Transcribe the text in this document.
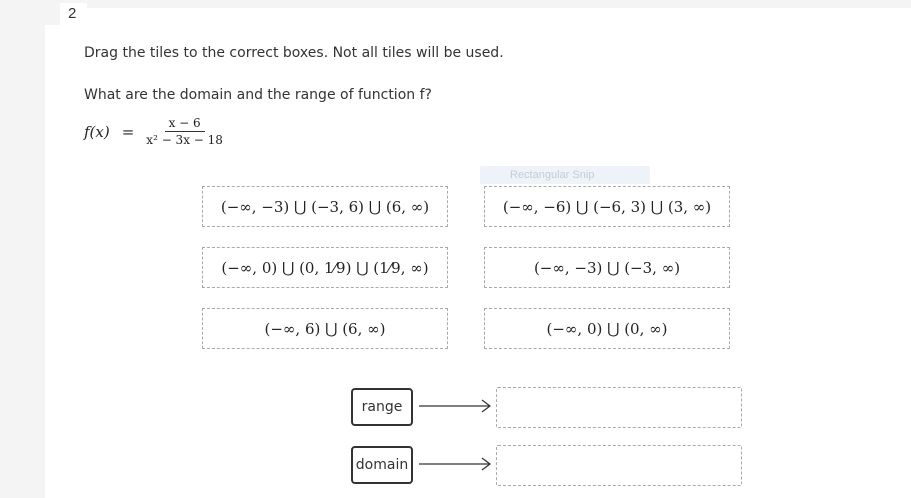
2
Drag the tiles to the correct boxes. Not all tiles will be used.
What are the domain and the range of function f?
$f(x) = \frac{x - 6}{\text{x² − 3x − 18}}$
Rectangular Snip
(−∞, −3) ⋃ (−3, 6) ⋃ (6, ∞)	(−∞, −6) ⋃ (−6, 3) ⋃ (3, ∞)
(−∞, 0) ⋃ (0, 1⁄9) ⋃ (1⁄9, ∞)	(−∞, −3) ⋃ (−3, ∞)
(−∞, 6) ⋃ (6, ∞)	(−∞, 0) ⋃ (0, ∞)
range
domain
